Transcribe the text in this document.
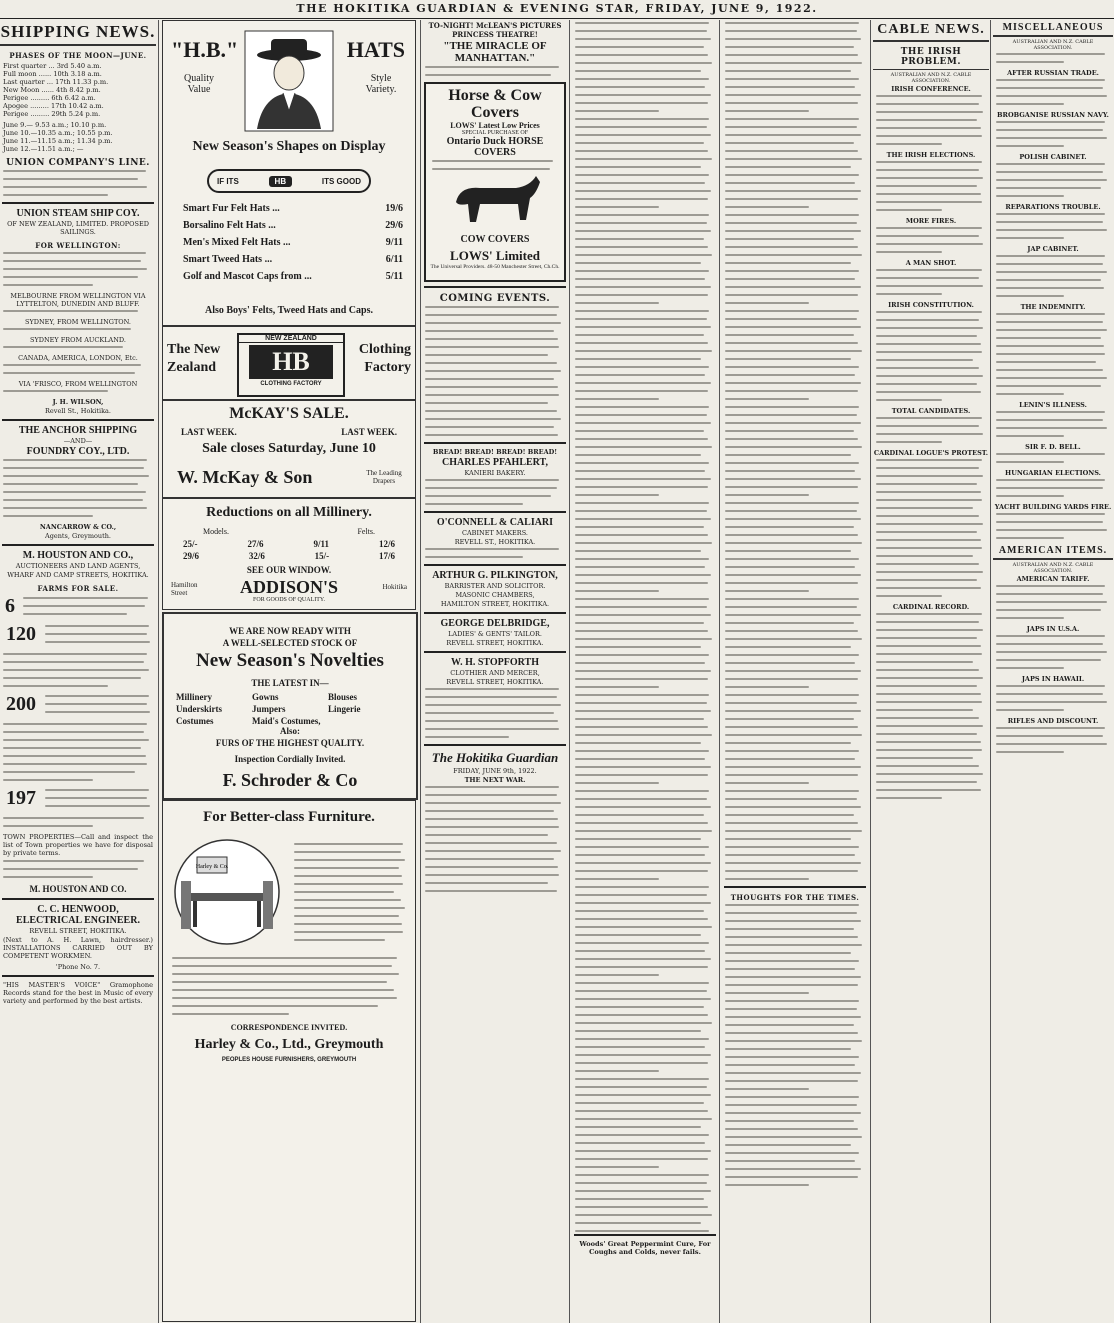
THE HOKITIKA GUARDIAN & EVENING STAR, FRIDAY, JUNE 9, 1922.
SHIPPING NEWS.
PHASES OF THE MOON—JUNE.
First quarter ... 3rd 5.40 a.m.
Full moon ...... 10th 3.18 a.m.
Last quarter ... 17th 11.33 p.m.
New Moon ...... 4th 8.42 p.m.
Perigee ......... 6th 6.42 a.m.
Apogee ......... 17th 10.42 a.m.
Perigee ......... 29th 5.24 p.m.
June 9.— 9.53 a.m.; 10.10 p.m.
June 10.—10.35 a.m.; 10.55 p.m.
June 11.—11.15 a.m.; 11.34 p.m.
June 12.—11.51 a.m.; —
UNION COMPANY'S LINE.
UNION STEAM SHIP COY.
OF NEW ZEALAND, LIMITED. PROPOSED SAILINGS.
FOR WELLINGTON:
MELBOURNE FROM WELLINGTON VIA LYTTELTON, DUNEDIN AND BLUFF.
SYDNEY, FROM WELLINGTON.
SYDNEY FROM AUCKLAND.
CANADA, AMERICA, LONDON, Etc.
VIA 'FRISCO, FROM WELLINGTON
J. H. WILSON,
Revell St., Hokitika.
THE ANCHOR SHIPPING
—AND—
FOUNDRY COY., LTD.
NANCARROW & CO.,
Agents, Greymouth.
M. HOUSTON AND CO.,
AUCTIONEERS AND LAND AGENTS,
WHARF AND CAMP STREETS, HOKITIKA.
FARMS FOR SALE.
6
120
200
197
TOWN PROPERTIES—Call and inspect the list of Town properties we have for disposal by private terms.
M. HOUSTON AND CO.
C. C. HENWOOD,
ELECTRICAL ENGINEER.
REVELL STREET, HOKITIKA.
(Next to A. H. Lawn, hairdresser.) INSTALLATIONS CARRIED OUT BY COMPETENT WORKMEN.
'Phone No. 7.
"HIS MASTER'S VOICE" Gramophone Records stand for the best in Music of every variety and performed by the best artists.
"H.B."	HATS
Quality Value
Style Variety.
New Season's Shapes on Display
IF ITS	HB	ITS GOOD
Smart Fur Felt Hats ...	19/6
Borsalino Felt Hats ...	29/6
Men's Mixed Felt Hats ...	9/11
Smart Tweed Hats ...	6/11
Golf and Mascot Caps from ...	5/11
Also Boys' Felts, Tweed Hats and Caps.
The New Zealand
Clothing Factory
NEW ZEALAND
HB
CLOTHING FACTORY
McKAY'S SALE.
LAST WEEK.	LAST WEEK.
Sale closes Saturday, June 10
W. McKay & Son	The Leading Drapers
Reductions on all Millinery.
Models.	Felts.
25/-	27/6	9/11	12/6
29/6	32/6	15/-	17/6
SEE OUR WINDOW.
Hamilton Street	ADDISON'S	Hokitika
FOR GOODS OF QUALITY.
WE ARE NOW READY WITH
A WELL-SELECTED STOCK OF
New Season's Novelties
THE LATEST IN—
Millinery	Gowns	Blouses
Underskirts	Jumpers	Lingerie
Costumes	Maid's Costumes,
Also:
FURS OF THE HIGHEST QUALITY.
Inspection Cordially Invited.
F. Schroder & Co
For Better-class Furniture.
Harley & Co.
CORRESPONDENCE INVITED.
Harley & Co., Ltd., Greymouth
PEOPLES HOUSE FURNISHERS, GREYMOUTH
TO-NIGHT! McLEAN'S PICTURES PRINCESS THEATRE!
"THE MIRACLE OF MANHATTAN."
Horse & Cow Covers
LOWS' Latest Low Prices
SPECIAL PURCHASE OF
Ontario Duck HORSE COVERS
COW COVERS
LOWS' Limited
The Universal Providers. 48-50 Manchester Street, Ch.Ch.
COMING EVENTS.
BREAD! BREAD! BREAD! BREAD!
CHARLES PFAHLERT,
KANIERI BAKERY.
O'CONNELL & CALIARI
CABINET MAKERS.
REVELL ST., HOKITIKA.
ARTHUR G. PILKINGTON,
BARRISTER AND SOLICITOR.
MASONIC CHAMBERS,
HAMILTON STREET, HOKITIKA.
GEORGE DELBRIDGE,
LADIES' & GENTS' TAILOR.
REVELL STREET, HOKITIKA.
W. H. STOPFORTH
CLOTHIER AND MERCER,
REVELL STREET, HOKITIKA.
The Hokitika Guardian
FRIDAY, JUNE 9th, 1922.
THE NEXT WAR.
Woods' Great Peppermint Cure, For Coughs and Colds, never fails.
THOUGHTS FOR THE TIMES.
CABLE NEWS.
THE IRISH PROBLEM.
AUSTRALIAN AND N.Z. CABLE ASSOCIATION.
IRISH CONFERENCE.
THE IRISH ELECTIONS.
MORE FIRES.
A MAN SHOT.
IRISH CONSTITUTION.
TOTAL CANDIDATES.
CARDINAL LOGUE'S PROTEST.
CARDINAL RECORD.
MISCELLANEOUS
AUSTRALIAN AND N.Z. CABLE ASSOCIATION.
AFTER RUSSIAN TRADE.
BROBGANISE RUSSIAN NAVY.
POLISH CABINET.
REPARATIONS TROUBLE.
JAP CABINET.
THE INDEMNITY.
LENIN'S ILLNESS.
SIR F. D. BELL.
HUNGARIAN ELECTIONS.
YACHT BUILDING YARDS FIRE.
AMERICAN ITEMS.
AUSTRALIAN AND N.Z. CABLE ASSOCIATION.
AMERICAN TARIFF.
JAPS IN U.S.A.
JAPS IN HAWAII.
RIFLES AND DISCOUNT.
